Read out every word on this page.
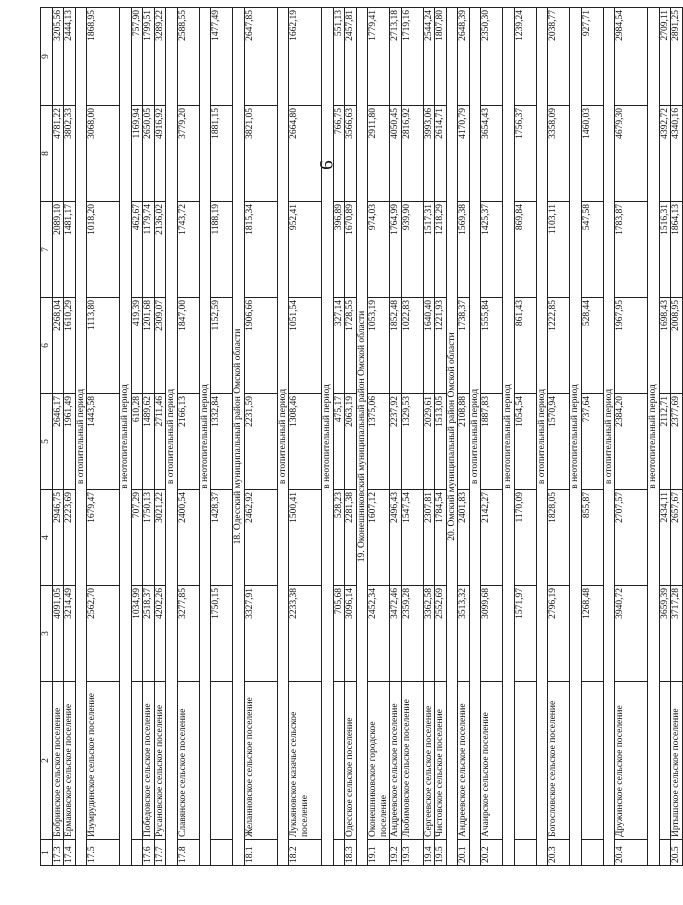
9
1	2	3	4	5	6	7	8	9
17.3	Бобринское сельское поселение	4091,05	2946,75	2646,17	2268,04	2089,10	4781,22	3205,56
17.4	Ермаковское сельское поселение	3214,49	2223,69	1961,49	1610,29	1481,17	3802,33	2444,13
в отопительный период								
17.5	Изумрудинское сельское поселение	2562,70	1679,47	1443,58	1113,80	1018,20	3068,00	1868,95
в неотопительный период								
		1034,99	707,29	610,28	419,39	462,67	1169,94	757,90
17.6	Победовское сельское поселение	2518,37	1750,13	1489,62	1201,68	1179,74	2650,05	1799,51
17.7	Русановское сельское поселение	4202,26	3021,22	2711,46	2309,07	2136,02	4916,92	3289,22
в отопительный период								
17.8	Славянское сельское поселение	3277,85	2400,54	2166,13	1847,00	1743,72	3779,20	2588,55
в неотопительный период								
		1750,15	1428,37	1332,84	1152,59	1188,19	1881,15	1477,49
18. Одесский муниципальный район Омской области								
18.1	Желанновское сельское поселение	3327,91	2462,92	2231,59	1906,66	1815,34	3821,05	2647,85
в отопительный период								
18.2	Лукьяновское казачье сельское поселение	2233,38	1500,41	1308,46	1051,54	952,41	2664,80	1662,19
в неотопительный период								
		705,68	528,23	475,17	327,14	396,89	766,75	551,13
18.3	Одесское сельское поселение	3096,14	2281,38	2063,19	1728,55	1670,89	3566,63	2457,81
19. Оконешниковский муниципальный район Омской области								
19.1	Оконешниковское городское поселение	2452,34	1607,12	1375,06	1053,19	974,03	2911,80	1779,41
19.2	Андреевское сельское поселение	3472,46	2496,43	2237,92	1852,48	1764,99	4050,45	2713,18
19.3	Любимовское сельское поселение	2359,28	1547,54	1329,53	1022,83	939,90	2816,92	1719,16
19.4	Сергеевское сельское поселение	3362,58	2307,81	2029,61	1640,40	1517,31	3993,06	2544,24
19.5	Чистовское сельское поселение	2552,69	1784,54	1513,05	1221,93	1218,29	2614,71	1807,80
20. Омский муниципальный район Омской области								
20.1	Андреевское сельское поселение	3513,32	2401,83	2108,88	1738,37	1569,38	4170,79	2648,39
в отопительный период								
20.2	Ачаирское сельское поселение	3099,68	2142,27	1887,83	1555,84	1425,37	3654,43	2350,30
в неотопительный период								
		1571,97	1170,09	1054,54	861,43	869,84	1756,37	1239,24
в отопительный период								
20.3	Богословское сельское поселение	2796,19	1828,05	1570,94	1222,85	1103,11	3358,09	2038,77
в неотопительный период								
		1268,48	855,87	737,64	528,44	547,58	1460,03	927,71
в отопительный период								
20.4	Дружинское сельское поселение	3940,72	2707,57	2384,20	1967,95	1783,87	4679,30	2984,54
в неотопительный период								
		3659,39	2434,11	2112,71	1698,43	1516,31	4392,72	2709,11
20.5	Иртышское сельское поселение	3717,28	2657,67	2377,69	2008,95	1864,13	4340,16	2891,25
